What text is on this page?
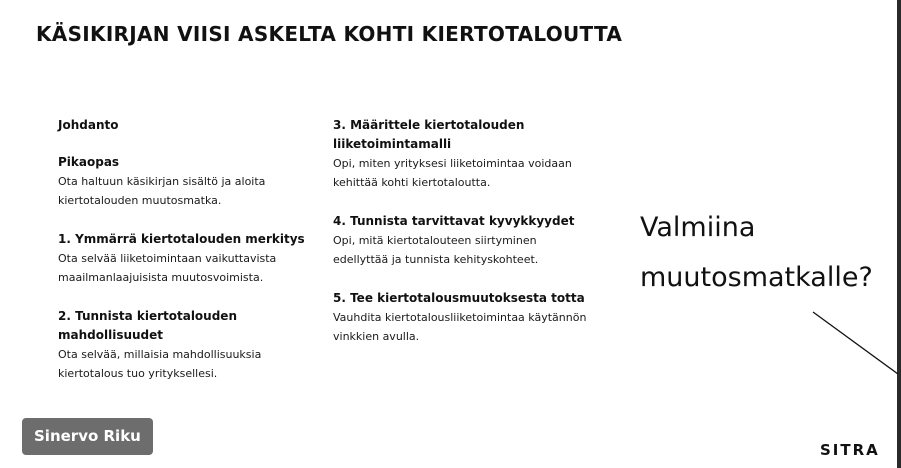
KÄSIKIRJAN VIISI ASKELTA KOHTI KIERTOTALOUTTA
Johdanto
Pikaopas
Ota haltuun käsikirjan sisältö ja aloita kiertotalouden muutosmatka.
1. Ymmärrä kiertotalouden merkitys
Ota selvää liiketoimintaan vaikuttavista maailmanlaajuisista muutosvoimista.
2. Tunnista kiertotalouden mahdollisuudet
Ota selvää, millaisia mahdollisuuksia kiertotalous tuo yrityksellesi.
3. Määrittele kiertotalouden liiketoimintamalli
Opi, miten yrityksesi liiketoimintaa voidaan kehittää kohti kiertotaloutta.
4. Tunnista tarvittavat kyvykkyydet
Opi, mitä kiertotalouteen siirtyminen edellyttää ja tunnista kehityskohteet.
5. Tee kiertotalousmuutoksesta totta
Vauhdita kiertotalousliiketoimintaa käytännön vinkkien avulla.
Valmiina muutosmatkalle?
Sinervo Riku
SITRA
